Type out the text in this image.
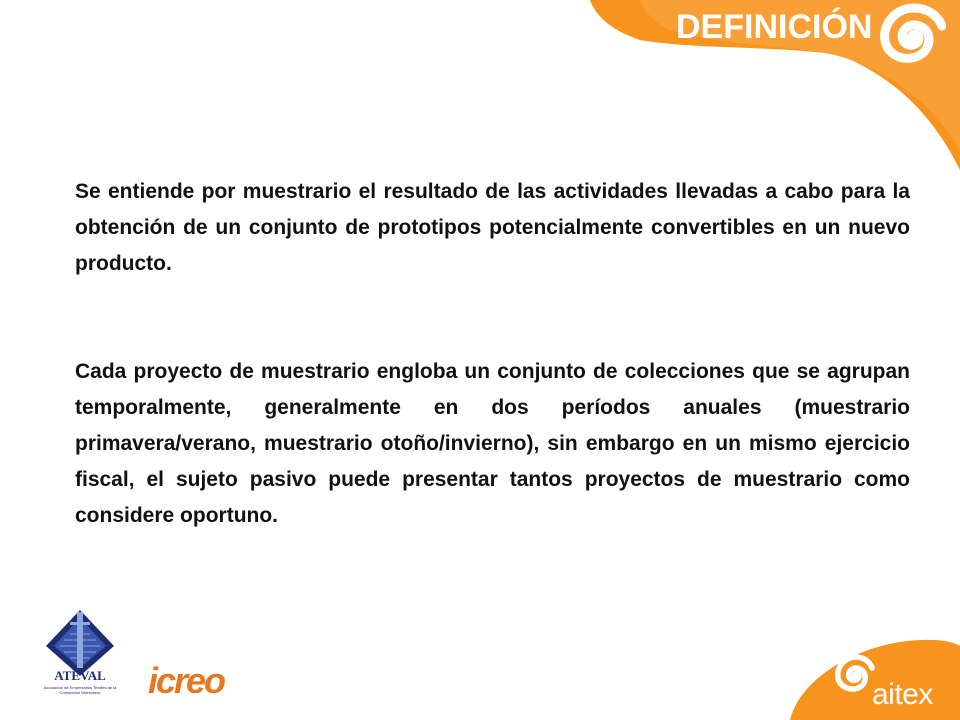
DEFINICIÓN
Se entiende por muestrario el resultado de las actividades llevadas a cabo para la obtención de un conjunto de prototipos potencialmente convertibles en un nuevo producto.
Cada proyecto de muestrario engloba un conjunto de colecciones que se agrupan temporalmente, generalmente en dos períodos anuales (muestrario primavera/verano, muestrario otoño/invierno), sin embargo en un mismo ejercicio fiscal, el sujeto pasivo puede presentar tantos proyectos de muestrario como considere oportuno.
ATEVAL
Asociación de Empresarios Textiles de la Comunidad Valenciana	icreo	aitex
